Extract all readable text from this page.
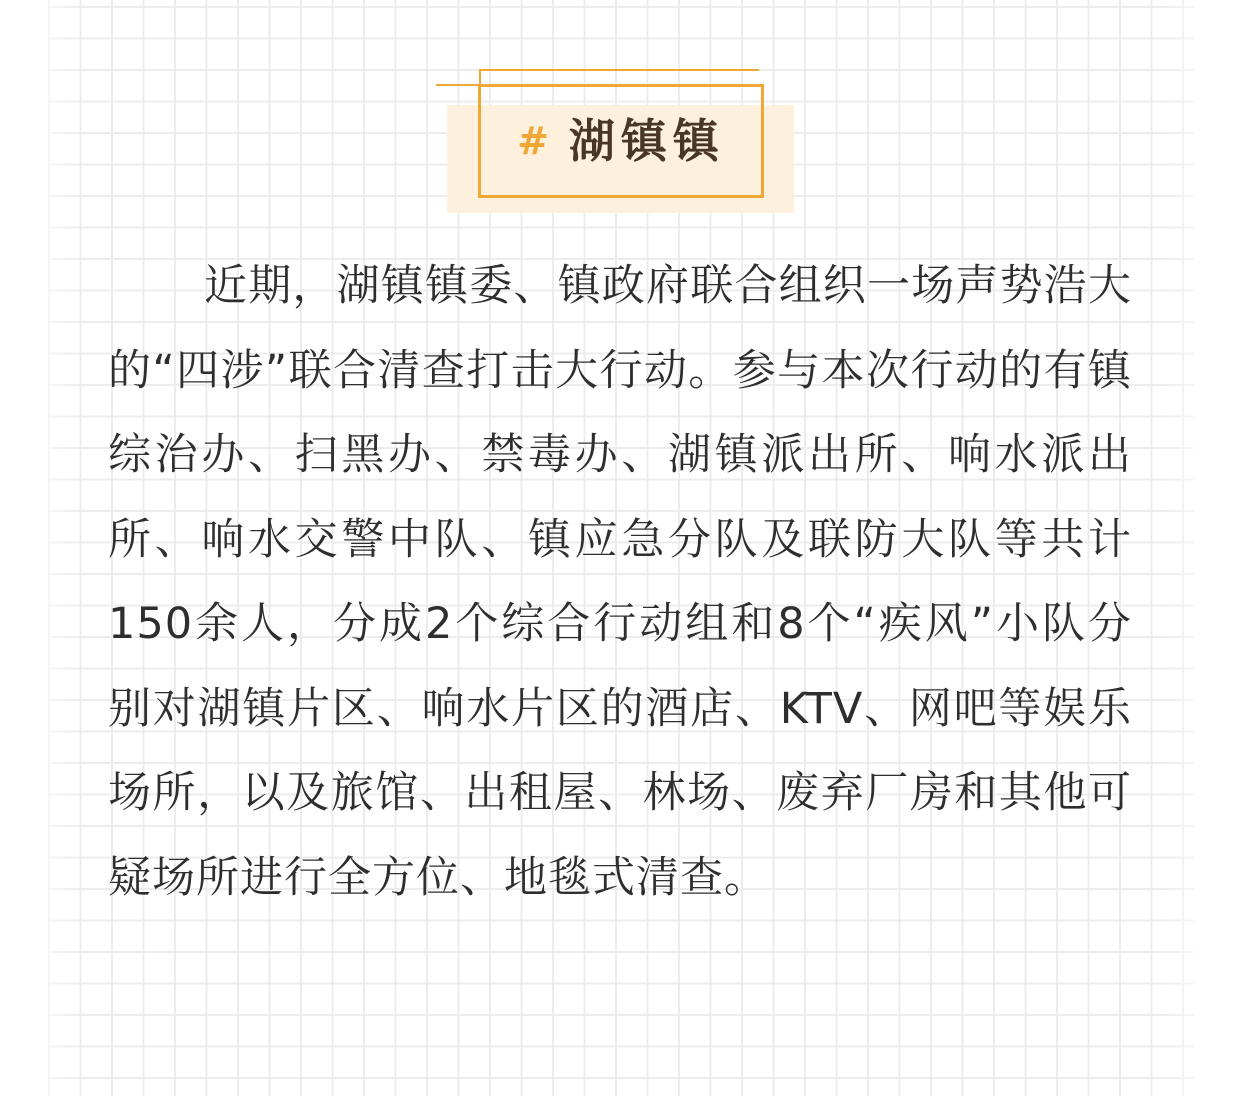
# 湖镇镇

近期，湖镇镇委、镇政府联合组织一场声势浩大的“四涉”联合清查打击大行动。参与本次行动的有镇综治办、扫黑办、禁毒办、湖镇派出所、响水派出所、响水交警中队、镇应急分队及联防大队等共计150余人，分成2个综合行动组和8个“疾风”小队分别对湖镇片区、响水片区的酒店、KTV、网吧等娱乐场所，以及旅馆、出租屋、林场、废弃厂房和其他可疑场所进行全方位、地毯式清查。
